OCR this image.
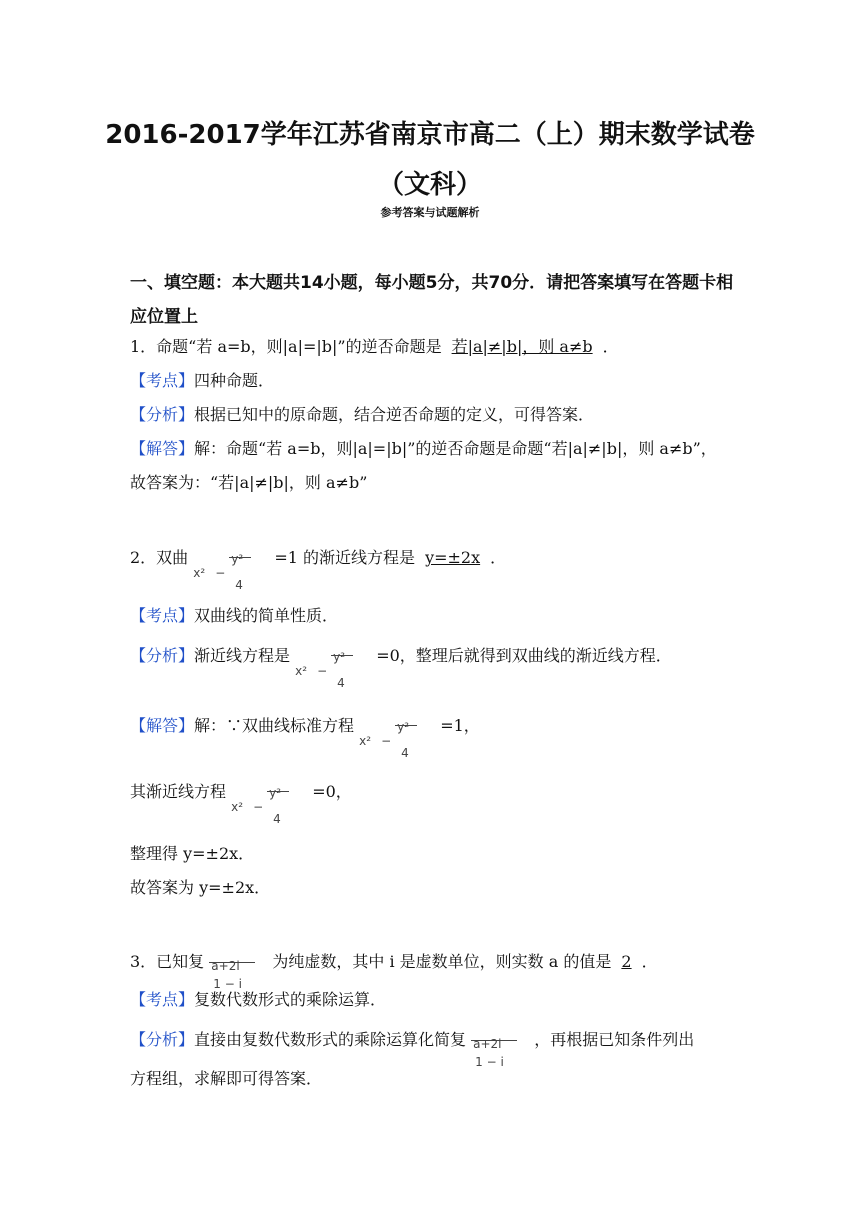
2016-2017学年江苏省南京市高二（上）期末数学试卷（文科）
参考答案与试题解析
一、填空题：本大题共14小题，每小题5分，共70分．请把答案填写在答题卡相应位置上
1．命题“若 a=b，则|a|=|b|”的逆否命题是 若|a|≠|b|，则 a≠b ．
【考点】四种命题．
【分析】根据已知中的原命题，结合逆否命题的定义，可得答案．
【解答】解：命题“若 a=b，则|a|=|b|”的逆否命题是命题“若|a|≠|b|，则 a≠b”，
故答案为：“若|a|≠|b|，则 a≠b”
2．双曲
x² −
y²
4
=1 的渐近线方程是 y=±2x ．
【考点】双曲线的简单性质．
【分析】渐近线方程是
x² −
y²
4
=0，整理后就得到双曲线的渐近线方程．
【解答】解：∵双曲线标准方程
x² −
y²
4
=1，
其渐近线方程
x² −
y²
4
=0，
整理得 y=±2x．
故答案为 y=±2x．
3．已知复 a+2i
1 − i
为纯虚数，其中 i 是虚数单位，则实数 a 的值是 2 ．
【考点】复数代数形式的乘除运算．
【分析】直接由复数代数形式的乘除运算化简复 a+2i
1 − i
，再根据已知条件列出
方程组，求解即可得答案．
